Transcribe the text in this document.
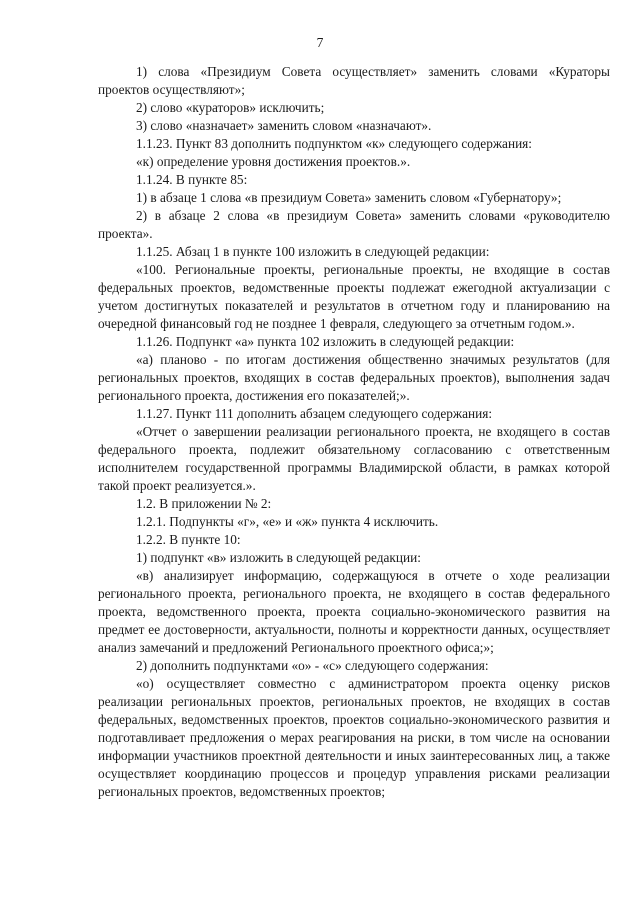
7

1) слова «Президиум Совета осуществляет» заменить словами «Кураторы

проектов осуществляют»;

2) слово «кураторов» исключить;

3) слово «назначает» заменить словом «назначают».

1.1.23. Пункт 83 дополнить подпунктом «к» следующего содержания:

«к) определение уровня достижения проектов.».

1.1.24. В пункте 85:

1) в абзаце 1 слова «в президиум Совета» заменить словом «Губернатору»;

2) в абзаце 2 слова «в президиум Совета» заменить словами «руководителю проекта».

1.1.25. Абзац 1 в пункте 100 изложить в следующей редакции:

«100. Региональные проекты, региональные проекты, не входящие в состав федеральных проектов, ведомственные проекты подлежат ежегодной актуализации с учетом достигнутых показателей и результатов в отчетном году и планированию на очередной финансовый год не позднее 1 февраля, следующего за отчетным годом.».

1.1.26. Подпункт «а» пункта 102 изложить в следующей редакции:

«а) планово - по итогам достижения общественно значимых результатов (для региональных проектов, входящих в состав федеральных проектов), выполнения задач регионального проекта, достижения его показателей;».

1.1.27. Пункт 111 дополнить абзацем следующего содержания:

«Отчет о завершении реализации регионального проекта, не входящего в состав федерального проекта, подлежит обязательному согласованию с ответственным исполнителем государственной программы Владимирской области, в рамках которой такой проект реализуется.».

1.2. В приложении № 2:

1.2.1. Подпункты «г», «е» и «ж» пункта 4 исключить.

1.2.2. В пункте 10:

1) подпункт «в» изложить в следующей редакции:

«в) анализирует информацию, содержащуюся в отчете о ходе реализации регионального проекта, регионального проекта, не входящего в состав федерального проекта, ведомственного проекта, проекта социально-экономического развития на предмет ее достоверности, актуальности, полноты и корректности данных, осуществляет анализ замечаний и предложений Регионального проектного офиса;»;

2) дополнить подпунктами «о» - «с» следующего содержания:

«о) осуществляет совместно с администратором проекта оценку рисков реализации региональных проектов, региональных проектов, не входящих в состав федеральных, ведомственных проектов, проектов социально-экономического развития и подготавливает предложения о мерах реагирования на риски, в том числе на основании информации участников проектной деятельности и иных заинтересованных лиц, а также осуществляет координацию процессов и процедур управления рисками реализации региональных проектов, ведомственных проектов;
